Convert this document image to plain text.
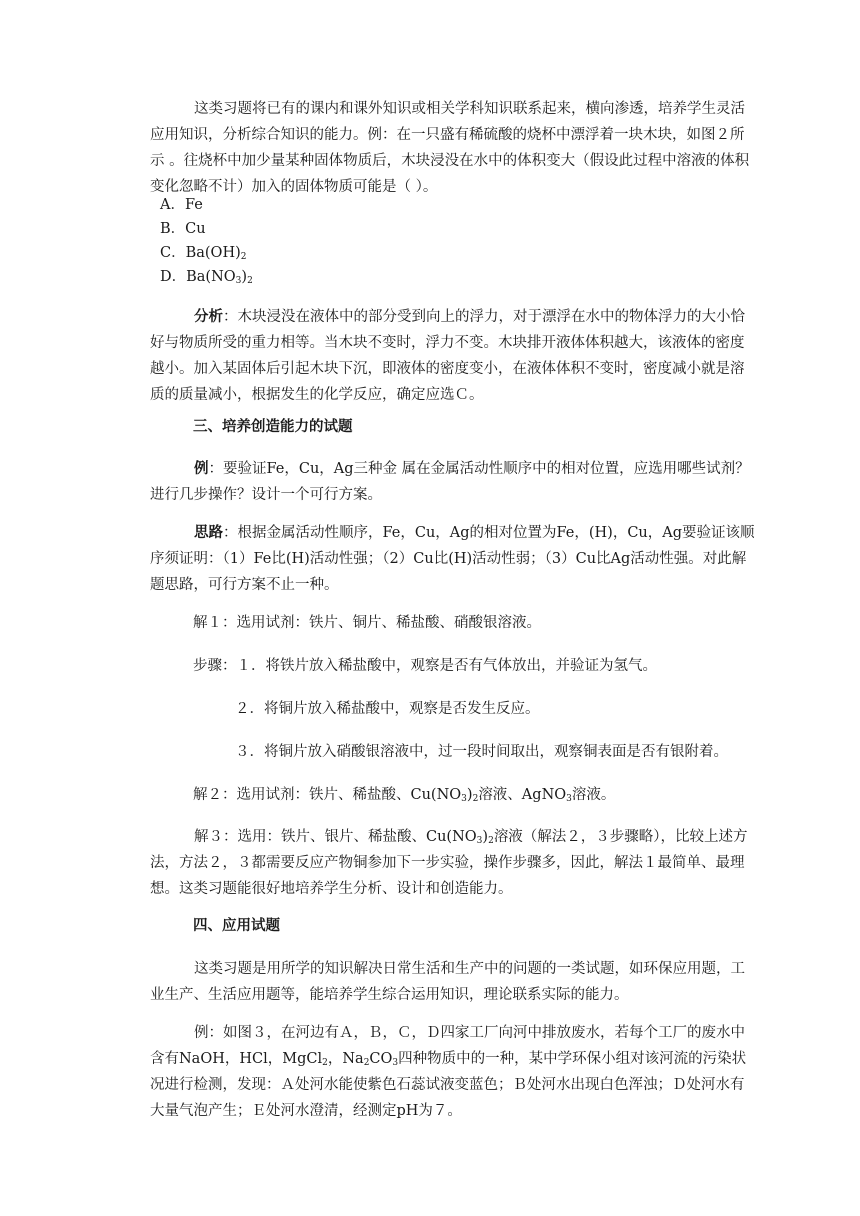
这类习题将已有的课内和课外知识或相关学科知识联系起来，横向渗透，培养学生灵活应用知识，分析综合知识的能力。例：在一只盛有稀硫酸的烧杯中漂浮着一块木块，如图２所示 。往烧杯中加少量某种固体物质后，木块浸没在水中的体积变大（假设此过程中溶液的体积变化忽略不计）加入的固体物质可能是（ ）。

A．Fe
B．Cu
C．$Ba(OH)_2$
D．$Ba(NO_3)_2$

分析：木块浸没在液体中的部分受到向上的浮力，对于漂浮在水中的物体浮力的大小恰好与物质所受的重力相等。当木块不变时，浮力不变。木块排开液体体积越大，该液体的密度越小。加入某固体后引起木块下沉，即液体的密度变小，在液体体积不变时，密度减小就是溶质的质量减小，根据发生的化学反应，确定应选Ｃ。

三、培养创造能力的试题

例：要验证Fe，Cu，Ag三种金 属在金属活动性顺序中的相对位置，应选用哪些试剂？进行几步操作？设计一个可行方案。

思路：根据金属活动性顺序，Fe，Cu，Ag的相对位置为Fe，(H)，Cu，Ag要验证该顺序须证明：（1）Fe比(H)活动性强；（2）Cu比(H)活动性弱；（3）Cu比Ag活动性强。对此解题思路，可行方案不止一种。

解１：选用试剂：铁片、铜片、稀盐酸、硝酸银溶液。
步骤：１．将铁片放入稀盐酸中，观察是否有气体放出，并验证为氢气。
２．将铜片放入稀盐酸中，观察是否发生反应。
３．将铜片放入硝酸银溶液中，过一段时间取出，观察铜表面是否有银附着。
解２：选用试剂：铁片、稀盐酸、$Cu(NO_3)_2$溶液、AgNO$_3$溶液。

解３：选用：铁片、银片、稀盐酸、$Cu(NO_3)_2$溶液（解法２，３步骤略），比较上述方法，方法２，３都需要反应产物铜参加下一步实验，操作步骤多，因此，解法１最简单、最理想。这类习题能很好地培养学生分析、设计和创造能力。

四、应用试题

这类习题是用所学的知识解决日常生活和生产中的问题的一类试题，如环保应用题，工业生产、生活应用题等，能培养学生综合运用知识，理论联系实际的能力。

例：如图３，在河边有Ａ，Ｂ，Ｃ，Ｄ四家工厂向河中排放废水，若每个工厂的废水中含有NaOH，HCl，MgCl$_2$，$Na_2CO_3$四种物质中的一种，某中学环保小组对该河流的污染状况进行检测，发现：Ａ处河水能使紫色石蕊试液变蓝色；Ｂ处河水出现白色浑浊；Ｄ处河水有大量气泡产生；Ｅ处河水澄清，经测定pH为７。
